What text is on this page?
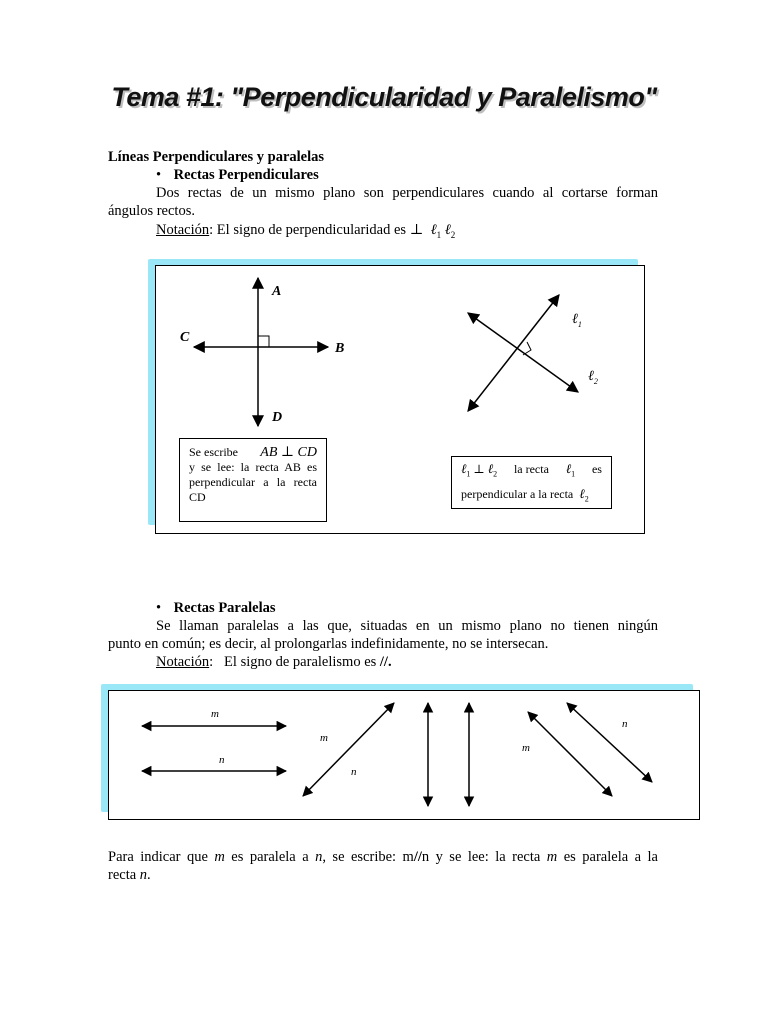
Tema #1: "Perpendicularidad y Paralelismo"
Líneas Perpendiculares y paralelas
• Rectas Perpendiculares
Dos rectas de un mismo plano son perpendiculares cuando al cortarse forman
ángulos rectos.
Notación: El signo de perpendicularidad es ⊥ ℓ$_1$ ℓ$_2$
A
B
C
D
ℓ$_1$
ℓ$_2$
Se escribe AB ⊥ CD
y se lee: la recta AB es
perpendicular a la recta
CD
ℓ$_1$ ⊥ ℓ$_2$ la recta ℓ$_1$ es
perpendicular a la recta ℓ$_2$
• Rectas Paralelas
Se llaman paralelas a las que, situadas en un mismo plano no tienen ningún
punto en común; es decir, al prolongarlas indefinidamente, no se intersecan.
Notación:   El signo de paralelismo es //.
m
n
m
n
m
n
Para indicar que m es paralela a n, se escribe: m//n y se lee: la recta m es paralela a la
recta n.
